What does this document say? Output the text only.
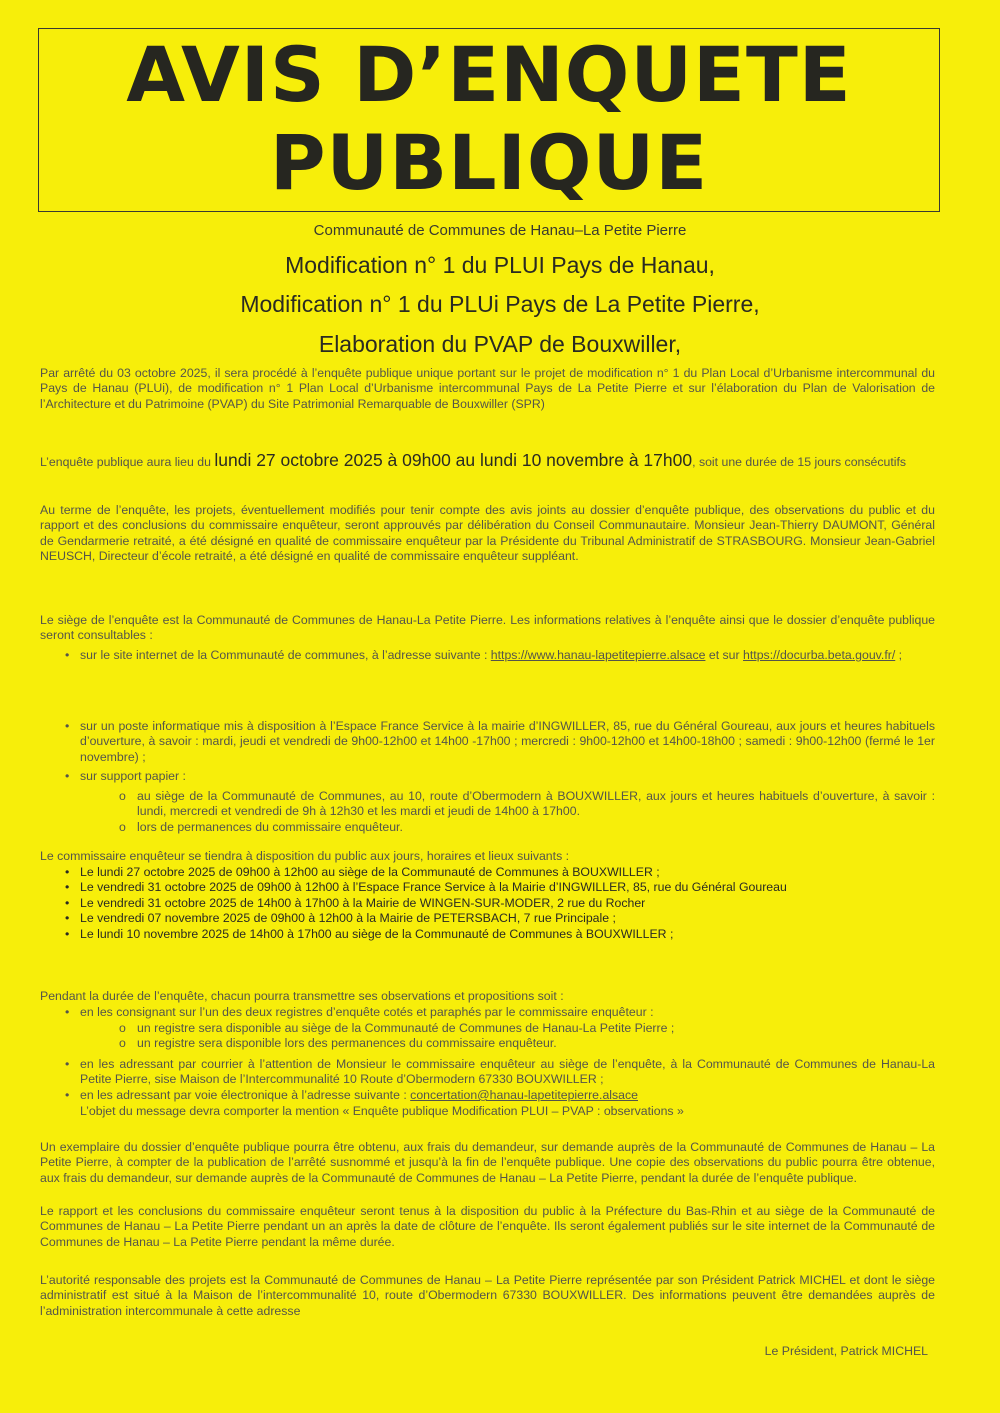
AVIS D’ENQUETE
PUBLIQUE
Communauté de Communes de Hanau–La Petite Pierre
Modification n° 1 du PLUI Pays de Hanau,
Modification n° 1 du PLUi Pays de La Petite Pierre,
Elaboration du PVAP de Bouxwiller,
Par arrêté du 03 octobre 2025, il sera procédé à l’enquête publique unique portant sur le projet de modification n° 1 du Plan Local d’Urbanisme intercommunal du Pays de Hanau (PLUi), de modification n° 1 Plan Local d’Urbanisme intercommunal Pays de La Petite Pierre et sur l’élaboration du Plan de Valorisation de l’Architecture et du Patrimoine (PVAP) du Site Patrimonial Remarquable de Bouxwiller (SPR)
L’enquête publique aura lieu du lundi 27 octobre 2025 à 09h00 au lundi 10 novembre à 17h00, soit une durée de 15 jours consécutifs
Au terme de l’enquête, les projets, éventuellement modifiés pour tenir compte des avis joints au dossier d’enquête publique, des observations du public et du rapport et des conclusions du commissaire enquêteur, seront approuvés par délibération du Conseil Communautaire. Monsieur Jean-Thierry DAUMONT, Général de Gendarmerie retraité, a été désigné en qualité de commissaire enquêteur par la Présidente du Tribunal Administratif de STRASBOURG. Monsieur Jean-Gabriel NEUSCH, Directeur d’école retraité, a été désigné en qualité de commissaire enquêteur suppléant.
Le siège de l’enquête est la Communauté de Communes de Hanau-La Petite Pierre. Les informations relatives à l’enquête ainsi que le dossier d’enquête publique seront consultables :
• sur le site internet de la Communauté de communes, à l’adresse suivante : https://www.hanau-lapetitepierre.alsace et sur https://docurba.beta.gouv.fr/ ;
• sur un poste informatique mis à disposition à l’Espace France Service à la mairie d’INGWILLER, 85, rue du Général Goureau, aux jours et heures habituels d’ouverture, à savoir : mardi, jeudi et vendredi de 9h00-12h00 et 14h00 -17h00 ; mercredi : 9h00-12h00 et 14h00-18h00 ; samedi : 9h00-12h00 (fermé le 1er novembre) ;
• sur support papier :
o au siège de la Communauté de Communes, au 10, route d’Obermodern à BOUXWILLER, aux jours et heures habituels d’ouverture, à savoir : lundi, mercredi et vendredi de 9h à 12h30 et les mardi et jeudi de 14h00 à 17h00.
o lors de permanences du commissaire enquêteur.
Le commissaire enquêteur se tiendra à disposition du public aux jours, horaires et lieux suivants :
• Le lundi 27 octobre 2025 de 09h00 à 12h00 au siège de la Communauté de Communes à BOUXWILLER ;
• Le vendredi 31 octobre 2025 de 09h00 à 12h00 à l’Espace France Service à la Mairie d’INGWILLER, 85, rue du Général Goureau
• Le vendredi 31 octobre 2025 de 14h00 à 17h00 à la Mairie de WINGEN-SUR-MODER, 2 rue du Rocher
• Le vendredi 07 novembre 2025 de 09h00 à 12h00 à la Mairie de PETERSBACH, 7 rue Principale ;
• Le lundi 10 novembre 2025 de 14h00 à 17h00 au siège de la Communauté de Communes à BOUXWILLER ;
Pendant la durée de l’enquête, chacun pourra transmettre ses observations et propositions soit :
• en les consignant sur l’un des deux registres d’enquête cotés et paraphés par le commissaire enquêteur :
o un registre sera disponible au siège de la Communauté de Communes de Hanau-La Petite Pierre ;
o un registre sera disponible lors des permanences du commissaire enquêteur.
• en les adressant par courrier à l’attention de Monsieur le commissaire enquêteur au siège de l’enquête, à la Communauté de Communes de Hanau-La Petite Pierre, sise Maison de l’Intercommunalité 10 Route d’Obermodern 67330 BOUXWILLER ;
• en les adressant par voie électronique à l’adresse suivante : concertation@hanau-lapetitepierre.alsace
L’objet du message devra comporter la mention « Enquête publique Modification PLUI – PVAP : observations »
Un exemplaire du dossier d’enquête publique pourra être obtenu, aux frais du demandeur, sur demande auprès de la Communauté de Communes de Hanau – La Petite Pierre, à compter de la publication de l’arrêté susnommé et jusqu’à la fin de l’enquête publique. Une copie des observations du public pourra être obtenue, aux frais du demandeur, sur demande auprès de la Communauté de Communes de Hanau – La Petite Pierre, pendant la durée de l’enquête publique.
Le rapport et les conclusions du commissaire enquêteur seront tenus à la disposition du public à la Préfecture du Bas-Rhin et au siège de la Communauté de Communes de Hanau – La Petite Pierre pendant un an après la date de clôture de l’enquête. Ils seront également publiés sur le site internet de la Communauté de Communes de Hanau – La Petite Pierre pendant la même durée.
L’autorité responsable des projets est la Communauté de Communes de Hanau – La Petite Pierre représentée par son Président Patrick MICHEL et dont le siège administratif est situé à la Maison de l’intercommunalité 10, route d’Obermodern 67330 BOUXWILLER. Des informations peuvent être demandées auprès de l’administration intercommunale à cette adresse
Le Président, Patrick MICHEL
